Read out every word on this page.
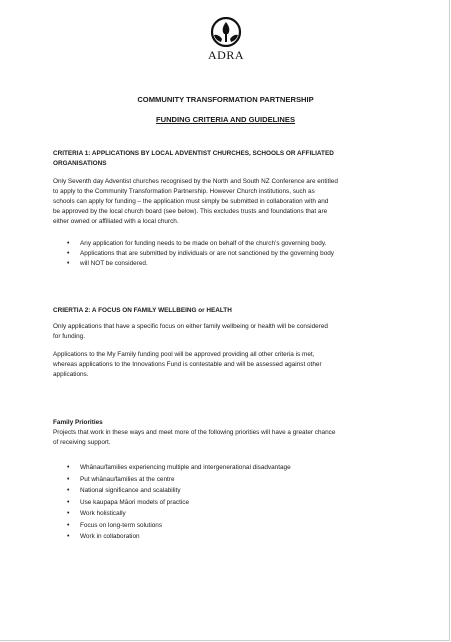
ADRA
COMMUNITY TRANSFORMATION PARTNERSHIP
FUNDING CRITERIA AND GUIDELINES
CRITERIA 1: APPLICATIONS BY LOCAL ADVENTIST CHURCHES, SCHOOLS OR AFFILIATED
ORGANISATIONS
Only Seventh day Adventist churches recognised by the North and South NZ Conference are entitled
to apply to the Community Transformation Partnership. However Church institutions, such as
schools can apply for funding – the application must simply be submitted in collaboration with and
be approved by the local church board (see below). This excludes trusts and foundations that are
either owned or affiliated with a local church.
• Any application for funding needs to be made on behalf of the church’s governing body.
• Applications that are submitted by individuals or are not sanctioned by the governing body
• will NOT be considered.
CRIERTIA 2: A FOCUS ON FAMILY WELLBEING or HEALTH
Only applications that have a specific focus on either family wellbeing or health will be considered
for funding.
Applications to the My Family funding pool will be approved providing all other criteria is met,
whereas applications to the Innovations Fund is contestable and will be assessed against other
applications.
Family Priorities
Projects that work in these ways and meet more of the following priorities will have a greater chance
of receiving support.
• Whānau/families experiencing multiple and intergenerational disadvantage
• Put whānau/families at the centre
• National significance and scalability
• Use kaupapa Māori models of practice
• Work holistically
• Focus on long-term solutions
• Work in collaboration
